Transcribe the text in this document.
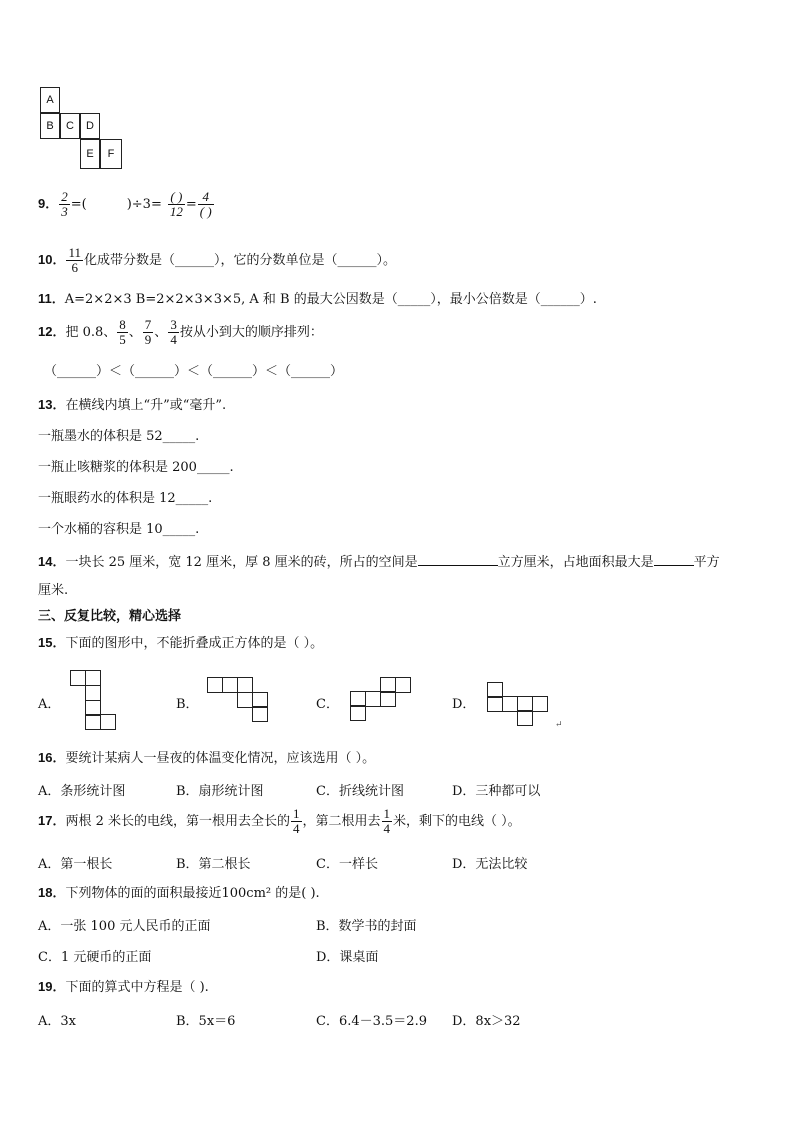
A
B	C	D
E	F
9． $\frac{2}{3}$ =(	)$\div 3= \frac{( )}{12} = \frac{4}{( )}$
10． $\frac{11}{6}$ 化成带分数是（______），它的分数单位是（______）。
11．A=2×2×3 B=2×2×3×3×5, A 和 B 的最大公因数是（_____），最小公倍数是（______）.
12．把 0.8、 $\frac{8}{5}$ 、 $\frac{7}{9}$ 、 $\frac{3}{4}$ 按从小到大的顺序排列：
（______）＜（______）＜（______）＜（______）
13．在横线内填上“升”或“毫升”.
一瓶墨水的体积是 52_____.
一瓶止咳糖浆的体积是 200_____.
一瓶眼药水的体积是 12_____.
一个水桶的容积是 10_____.
14．一块长 25 厘米，宽 12 厘米，厚 8 厘米的砖，所占的空间是	立方厘米，占地面积最大是	平方
厘米.
三、反复比较，精心选择
15．下面的图形中，不能折叠成正方体的是（ ）。
A．	B．	C．	D．
↵
16．要统计某病人一昼夜的体温变化情况，应该选用（ ）。
A．条形统计图	B．扇形统计图	C．折线统计图	D．三种都可以
17．两根 2 米长的电线，第一根用去全长的 $\frac{1}{4}$ ，第二根用去 $\frac{1}{4}$ 米，剩下的电线（ ）。
A．第一根长	B．第二根长	C．一样长	D．无法比较
18．下列物体的面的面积最接近100cm² 的是( ).
A．一张 100 元人民币的正面	B．数学书的封面
C．1 元硬币的正面	D．课桌面
19．下面的算式中方程是（ ).
A．3x	B．5x＝6	C．6.4－3.5＝2.9 D．8x＞32
